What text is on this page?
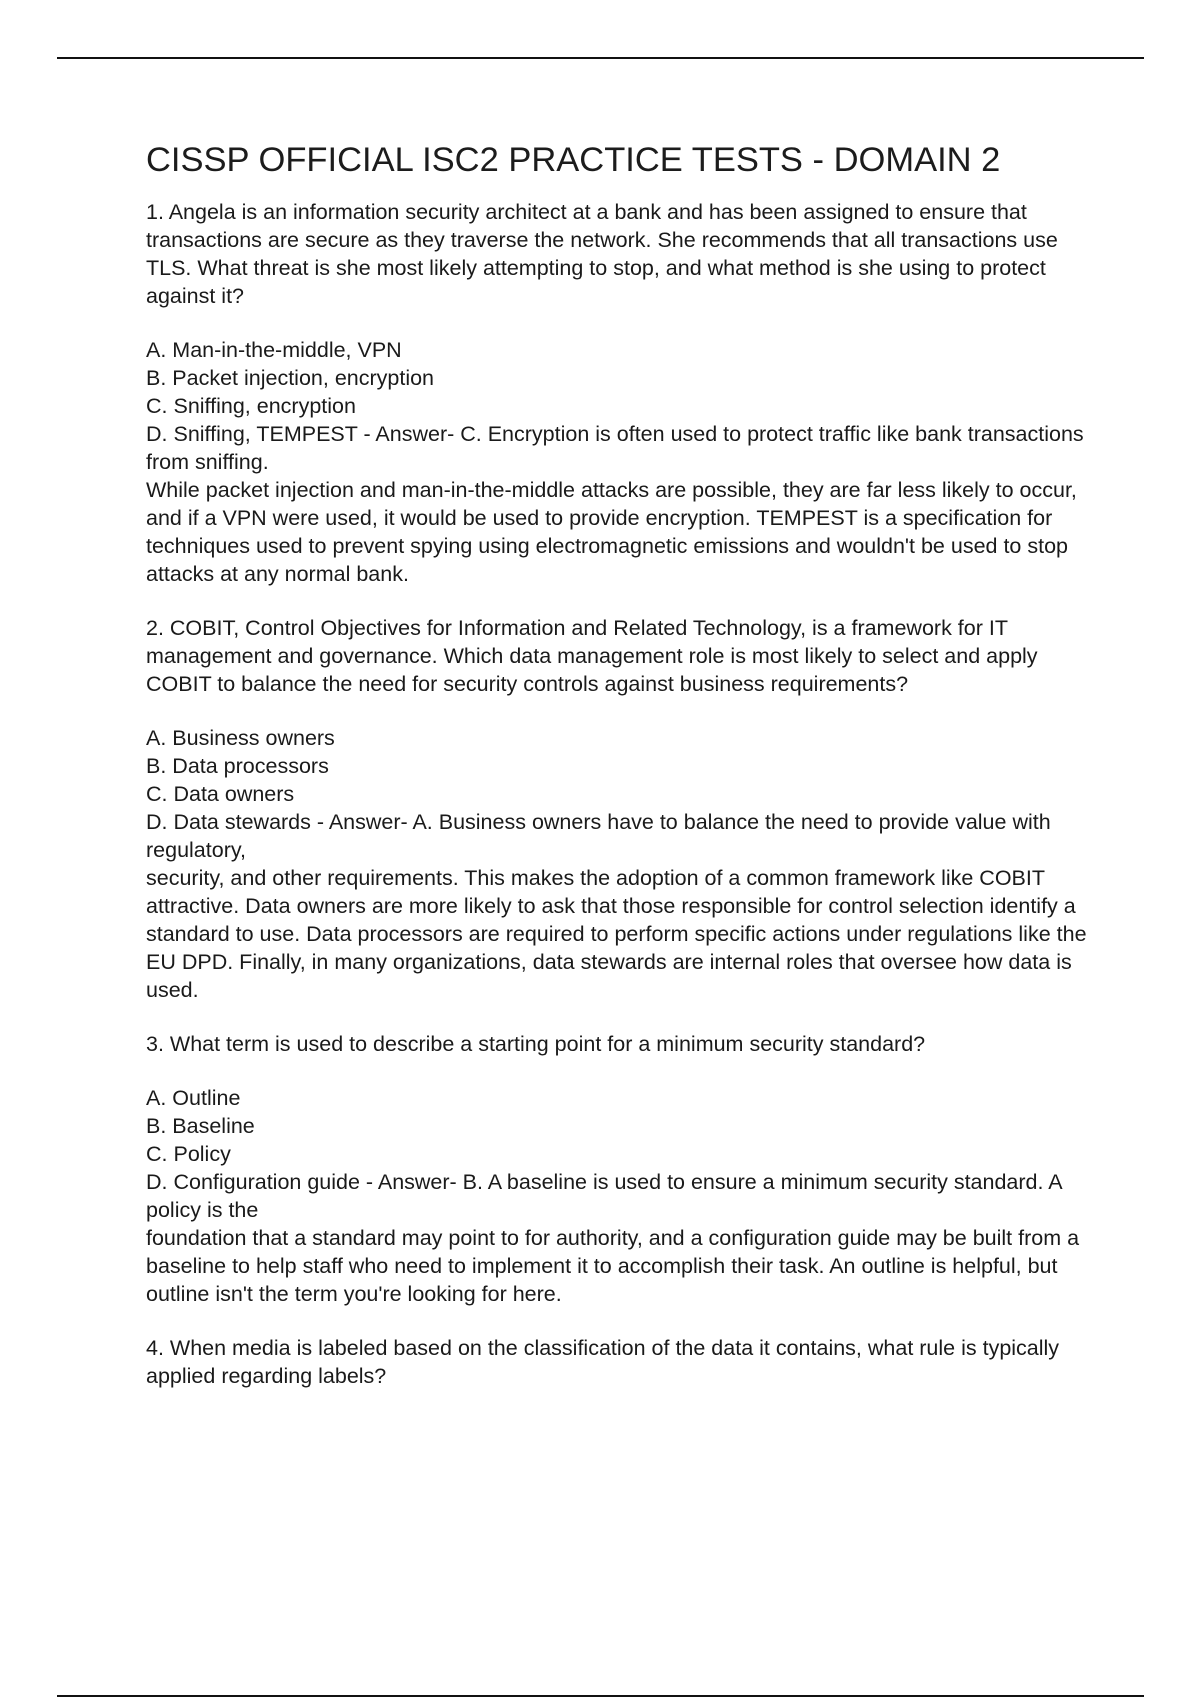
CISSP OFFICIAL ISC2 PRACTICE TESTS - DOMAIN 2
1. Angela is an information security architect at a bank and has been assigned to ensure that transactions are secure as they traverse the network. She recommends that all transactions use TLS. What threat is she most likely attempting to stop, and what method is she using to protect against it?
A. Man-in-the-middle, VPN
B. Packet injection, encryption
C. Sniffing, encryption
D. Sniffing, TEMPEST - Answer- C. Encryption is often used to protect traffic like bank transactions from sniffing.
While packet injection and man-in-the-middle attacks are possible, they are far less likely to occur, and if a VPN were used, it would be used to provide encryption. TEMPEST is a specification for techniques used to prevent spying using electromagnetic emissions and wouldn't be used to stop attacks at any normal bank.
2. COBIT, Control Objectives for Information and Related Technology, is a framework for IT management and governance. Which data management role is most likely to select and apply COBIT to balance the need for security controls against business requirements?
A. Business owners
B. Data processors
C. Data owners
D. Data stewards - Answer- A. Business owners have to balance the need to provide value with regulatory,
security, and other requirements. This makes the adoption of a common framework like COBIT attractive. Data owners are more likely to ask that those responsible for control selection identify a standard to use. Data processors are required to perform specific actions under regulations like the EU DPD. Finally, in many organizations, data stewards are internal roles that oversee how data is used.
3. What term is used to describe a starting point for a minimum security standard?
A. Outline
B. Baseline
C. Policy
D. Configuration guide - Answer- B. A baseline is used to ensure a minimum security standard. A policy is the
foundation that a standard may point to for authority, and a configuration guide may be built from a baseline to help staff who need to implement it to accomplish their task. An outline is helpful, but outline isn't the term you're looking for here.
4. When media is labeled based on the classification of the data it contains, what rule is typically applied regarding labels?
